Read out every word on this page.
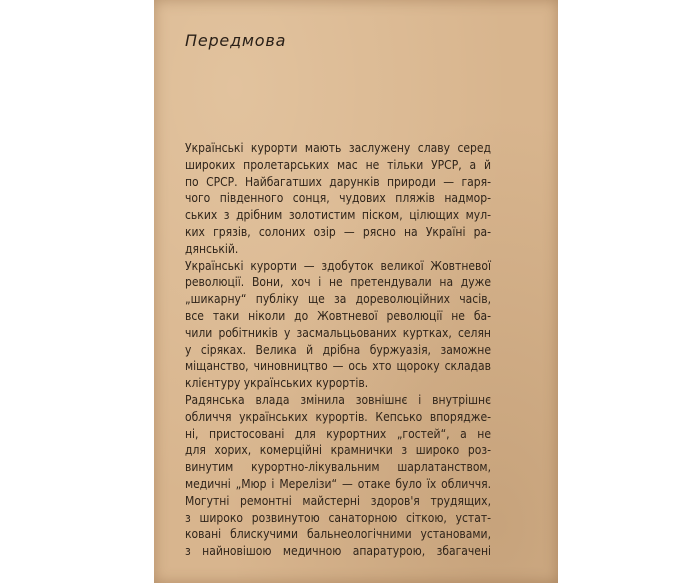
Передмова
Українські курорти мають заслужену славу серед
широких пролетарських мас не тільки УРСР, а й
по СРСР. Найбагатших дарунків природи — гаря-
чого південного сонця, чудових пляжів надмор-
ських з дрібним золотистим піском, цілющих мул-
ких грязів, солоних озір — рясно на Україні ра-
дянській.
Українські курорти — здобуток великої Жовтневої
революції. Вони, хоч і не претендували на дуже
„шикарну“ публіку ще за дореволюційних часів,
все таки ніколи до Жовтневої революції не ба-
чили робітників у засмальцьованих куртках, селян
у сіряках. Велика й дрібна буржуазія, заможне
міщанство, чиновництво — ось хто щороку складав
клієнтуру українських курортів.
Радянська влада змінила зовнішнє і внутрішнє
обличчя українських курортів. Кепсько впорядже-
ні, пристосовані для курортних „гостей“, а не
для хорих, комерційні крамнички з широко роз-
винутим курортно-лікувальним шарлатанством,
медичні „Мюр і Мерелізи“ — отаке було їх обличчя.
Могутні ремонтні майстерні здоров'я трудящих,
з широко розвинутою санаторною сіткою, устат-
ковані блискучими бальнеологічними установами,
з найновішою медичною апаратурою, збагачені
